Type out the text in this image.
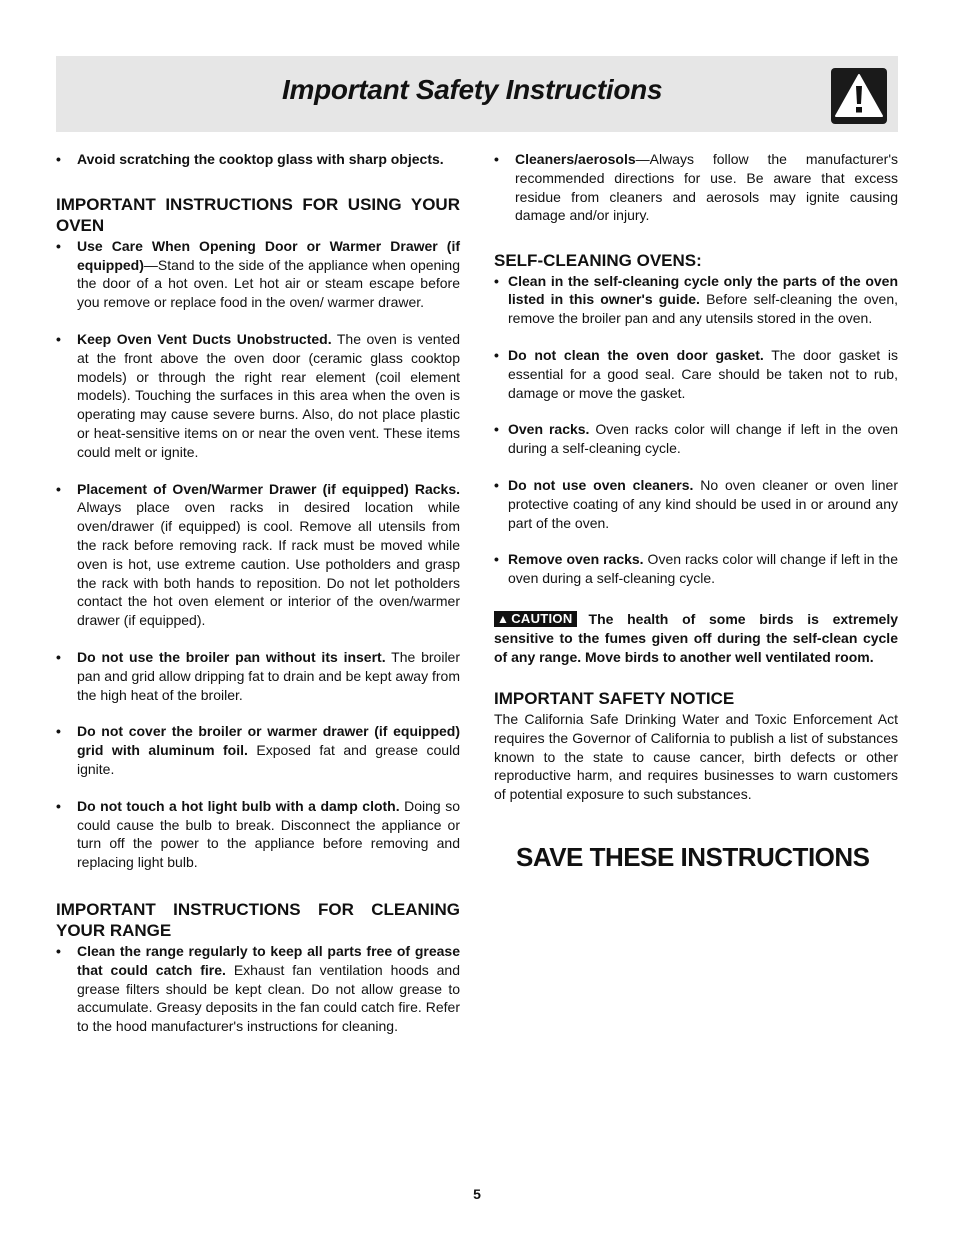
Important Safety Instructions
• Avoid scratching the cooktop glass with sharp objects.

IMPORTANT INSTRUCTIONS FOR USING YOUR OVEN
• Use Care When Opening Door or Warmer Drawer (if equipped)—Stand to the side of the appliance when opening the door of a hot oven. Let hot air or steam escape before you remove or replace food in the oven/ warmer drawer.

• Keep Oven Vent Ducts Unobstructed. The oven is vented at the front above the oven door (ceramic glass cooktop models) or through the right rear element (coil element models). Touching the surfaces in this area when the oven is operating may cause severe burns. Also, do not place plastic or heat-sensitive items on or near the oven vent. These items could melt or ignite.

• Placement of Oven/Warmer Drawer (if equipped) Racks. Always place oven racks in desired location while oven/drawer (if equipped) is cool. Remove all utensils from the rack before removing rack. If rack must be moved while oven is hot, use extreme caution. Use potholders and grasp the rack with both hands to reposition. Do not let potholders contact the hot oven element or interior of the oven/warmer drawer (if equipped).

• Do not use the broiler pan without its insert. The broiler pan and grid allow dripping fat to drain and be kept away from the high heat of the broiler.

• Do not cover the broiler or warmer drawer (if equipped) grid with aluminum foil. Exposed fat and grease could ignite.

• Do not touch a hot light bulb with a damp cloth. Doing so could cause the bulb to break. Disconnect the appliance or turn off the power to the appliance before removing and replacing light bulb.

IMPORTANT INSTRUCTIONS FOR CLEANING YOUR RANGE
• Clean the range regularly to keep all parts free of grease that could catch fire. Exhaust fan ventilation hoods and grease filters should be kept clean. Do not allow grease to accumulate. Greasy deposits in the fan could catch fire. Refer to the hood manufacturer's instructions for cleaning.

• Cleaners/aerosols—Always follow the manufacturer's recommended directions for use. Be aware that excess residue from cleaners and aerosols may ignite causing damage and/or injury.

SELF-CLEANING OVENS:
• Clean in the self-cleaning cycle only the parts of the oven listed in this owner's guide. Before self-cleaning the oven, remove the broiler pan and any utensils stored in the oven.

• Do not clean the oven door gasket. The door gasket is essential for a good seal. Care should be taken not to rub, damage or move the gasket.

• Oven racks. Oven racks color will change if left in the oven during a self-cleaning cycle.

• Do not use oven cleaners. No oven cleaner or oven liner protective coating of any kind should be used in or around any part of the oven.

• Remove oven racks. Oven racks color will change if left in the oven during a self-cleaning cycle.

▲ CAUTION The health of some birds is extremely sensitive to the fumes given off during the self-clean cycle of any range. Move birds to another well ventilated room.
IMPORTANT SAFETY NOTICE

The California Safe Drinking Water and Toxic Enforcement Act requires the Governor of California to publish a list of substances known to the state to cause cancer, birth defects or other reproductive harm, and requires businesses to warn customers of potential exposure to such substances.

SAVE THESE INSTRUCTIONS
5
